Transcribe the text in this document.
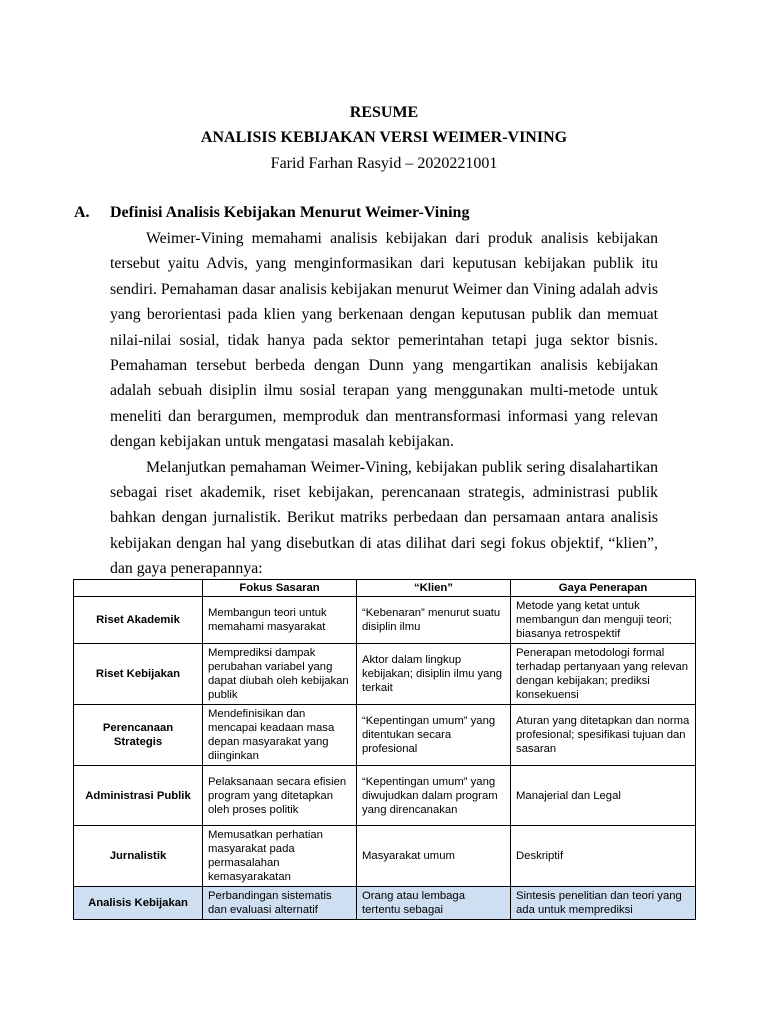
RESUME
ANALISIS KEBIJAKAN VERSI WEIMER-VINING
Farid Farhan Rasyid – 2020221001
A. Definisi Analisis Kebijakan Menurut Weimer-Vining

Weimer-Vining memahami analisis kebijakan dari produk analisis kebijakan tersebut yaitu Advis, yang menginformasikan dari keputusan kebijakan publik itu sendiri. Pemahaman dasar analisis kebijakan menurut Weimer dan Vining adalah advis yang berorientasi pada klien yang berkenaan dengan keputusan publik dan memuat nilai-nilai sosial, tidak hanya pada sektor pemerintahan tetapi juga sektor bisnis. Pemahaman tersebut berbeda dengan Dunn yang mengartikan analisis kebijakan adalah sebuah disiplin ilmu sosial terapan yang menggunakan multi-metode untuk meneliti dan berargumen, memproduk dan mentransformasi informasi yang relevan dengan kebijakan untuk mengatasi masalah kebijakan.

Melanjutkan pemahaman Weimer-Vining, kebijakan publik sering disalahartikan sebagai riset akademik, riset kebijakan, perencanaan strategis, administrasi publik bahkan dengan jurnalistik. Berikut matriks perbedaan dan persamaan antara analisis kebijakan dengan hal yang disebutkan di atas dilihat dari segi fokus objektif, “klien”, dan gaya penerapannya:

	Fokus Sasaran	“Klien”	Gaya Penerapan
Riset Akademik	Membangun teori untuk memahami masyarakat	“Kebenaran” menurut suatu disiplin ilmu	Metode yang ketat untuk membangun dan menguji teori; biasanya retrospektif
Riset Kebijakan	Memprediksi dampak perubahan variabel yang dapat diubah oleh kebijakan publik	Aktor dalam lingkup kebijakan; disiplin ilmu yang terkait	Penerapan metodologi formal terhadap pertanyaan yang relevan dengan kebijakan; prediksi konsekuensi
Perencanaan Strategis	Mendefinisikan dan mencapai keadaan masa depan masyarakat yang diinginkan	“Kepentingan umum” yang ditentukan secara profesional	Aturan yang ditetapkan dan norma profesional; spesifikasi tujuan dan sasaran
Administrasi Publik	Pelaksanaan secara efisien program yang ditetapkan oleh proses politik	“Kepentingan umum” yang diwujudkan dalam program yang direncanakan	Manajerial dan Legal
Jurnalistik	Memusatkan perhatian masyarakat pada permasalahan kemasyarakatan	Masyarakat umum	Deskriptif
Analisis Kebijakan	Perbandingan sistematis dan evaluasi alternatif	Orang atau lembaga tertentu sebagai	Sintesis penelitian dan teori yang ada untuk memprediksi
